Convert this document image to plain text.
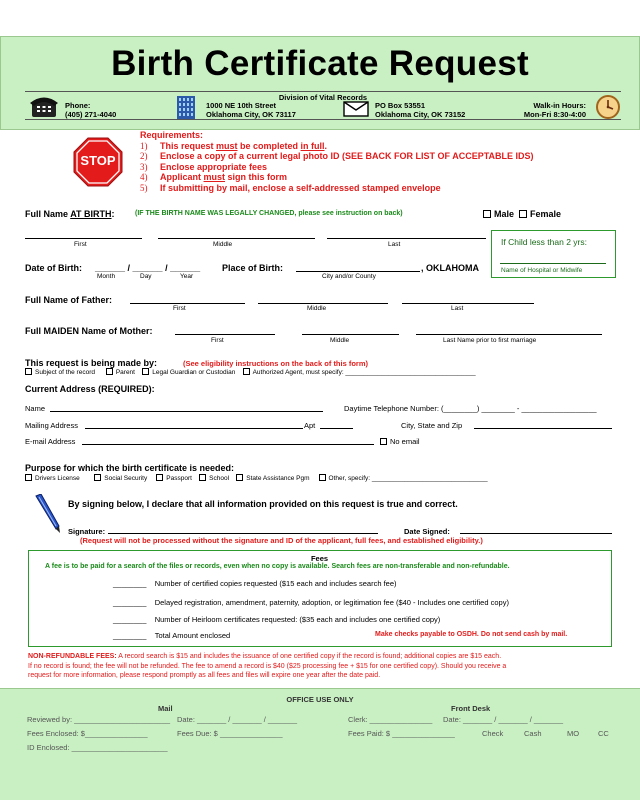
Birth Certificate Request
Division of Vital Records
Phone:
(405) 271-4040
1000 NE 10th Street
Oklahoma City, OK 73117
PO Box 53551
Oklahoma City, OK 73152
Walk-in Hours:
Mon-Fri 8:30-4:00
STOP
Requirements:
1) This request must be completed in full.
2) Enclose a copy of a current legal photo ID (SEE BACK FOR LIST OF ACCEPTABLE IDS)
3) Enclose appropriate fees
4) Applicant must sign this form
5) If submitting by mail, enclose a self-addressed stamped envelope
Full Name AT BIRTH:	(IF THE BIRTH NAME WAS LEGALLY CHANGED, please see instruction on back)	Male Female
First	Middle	Last	If Child less than 2 yrs:
Name of Hospital or Midwife
Date of Birth: ______ / ______ / ______
Month	Day	Year
Place of Birth:	, OKLAHOMA
City and/or County
Full Name of Father:
First	Middle	Last
Full MAIDEN Name of Mother:
First	Middle	Last Name prior to first marriage
This request is being made by:	(See eligibility instructions on the back of this form)
Subject of the record	Parent	Legal Guardian or Custodian	Authorized Agent, must specify: ____________________________________
Current Address (REQUIRED):
Name	Daytime Telephone Number: (________) ________ - __________________
Mailing Address	Apt	City, State and Zip
E-mail Address	No email
Purpose for which the birth certificate is needed:
Drivers License	Social Security	Passport	School	State Assistance Pgm	Other, specify: ________________________________
By signing below, I declare that all information provided on this request is true and correct.
Signature:	Date Signed:
(Request will not be processed without the signature and ID of the applicant, full fees, and established eligibility.)
Fees
A fee is to be paid for a search of the files or records, even when no copy is available. Search fees are non-transferable and non-refundable.
________ Number of certified copies requested ($15 each and includes search fee)
________ Delayed registration, amendment, paternity, adoption, or legitimation fee ($40 - Includes one certified copy)
________ Number of Heirloom certificates requested: ($35 each and includes one certified copy)
________ Total Amount enclosed	Make checks payable to OSDH. Do not send cash by mail.
NON-REFUNDABLE FEES: A record search is $15 and includes the issuance of one certified copy if the record is found; additional copies are $15 each.
If no record is found; the fee will not be refunded. The fee to amend a record is $40 ($25 processing fee + $15 for one certified copy). Should you receive a
request for more information, please respond promptly as all fees and files will expire one year after the date paid.
OFFICE USE ONLY
Mail	Front Desk
Reviewed by: _______________________ Date: _______ / _______ / _______	Clerk: _______________ Date: _______ / _______ / _______
Fees Enclosed: $_______________	Fees Due: $ _______________	Fees Paid: $ _______________	Check	Cash	MO	CC
ID Enclosed: _______________________
